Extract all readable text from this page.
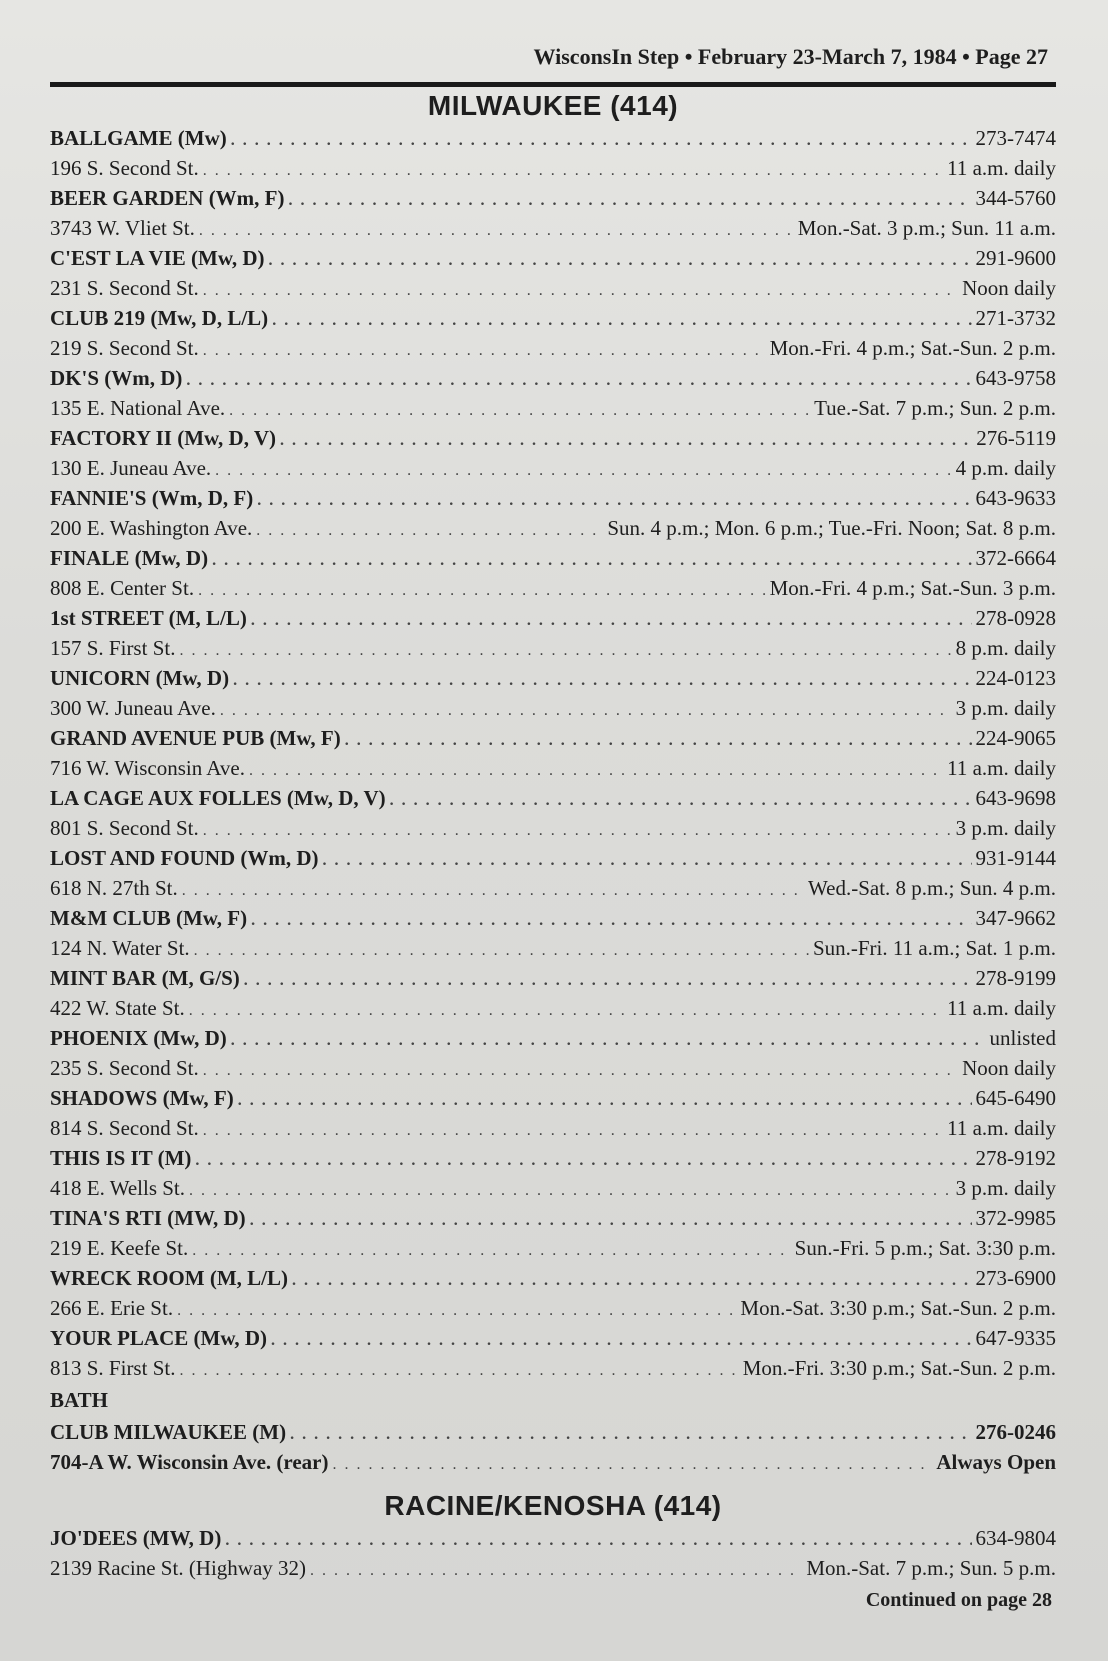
WisconsIn Step • February 23-March 7, 1984 • Page 27
MILWAUKEE (414)
BALLGAME (Mw) . . .	273-7474
196 S. Second St. . . .	11 a.m. daily
BEER GARDEN (Wm, F) . . .	344-5760
3743 W. Vliet St. . . .	Mon.-Sat. 3 p.m.; Sun. 11 a.m.
C'EST LA VIE (Mw, D) . . .	291-9600
231 S. Second St. . . .	Noon daily
CLUB 219 (Mw, D, L/L) . . .	271-3732
219 S. Second St. . . .	Mon.-Fri. 4 p.m.; Sat.-Sun. 2 p.m.
DK'S (Wm, D) . . .	643-9758
135 E. National Ave. . . .	Tue.-Sat. 7 p.m.; Sun. 2 p.m.
FACTORY II (Mw, D, V) . . .	276-5119
130 E. Juneau Ave. . . .	4 p.m. daily
FANNIE'S (Wm, D, F) . . .	643-9633
200 E. Washington Ave. . . .	Sun. 4 p.m.; Mon. 6 p.m.; Tue.-Fri. Noon; Sat. 8 p.m.
FINALE (Mw, D) . . .	372-6664
808 E. Center St. . . .	Mon.-Fri. 4 p.m.; Sat.-Sun. 3 p.m.
1st STREET (M, L/L) . . .	278-0928
157 S. First St. . . .	8 p.m. daily
UNICORN (Mw, D) . . .	224-0123
300 W. Juneau Ave. . . .	3 p.m. daily
GRAND AVENUE PUB (Mw, F) . . .	224-9065
716 W. Wisconsin Ave. . . .	11 a.m. daily
LA CAGE AUX FOLLES (Mw, D, V) . . .	643-9698
801 S. Second St. . . .	3 p.m. daily
LOST AND FOUND (Wm, D) . . .	931-9144
618 N. 27th St. . . .	Wed.-Sat. 8 p.m.; Sun. 4 p.m.
M&M CLUB (Mw, F) . . .	347-9662
124 N. Water St. . . .	Sun.-Fri. 11 a.m.; Sat. 1 p.m.
MINT BAR (M, G/S) . . .	278-9199
422 W. State St. . . .	11 a.m. daily
PHOENIX (Mw, D) . . .	unlisted
235 S. Second St. . . .	Noon daily
SHADOWS (Mw, F) . . .	645-6490
814 S. Second St. . . .	11 a.m. daily
THIS IS IT (M) . . .	278-9192
418 E. Wells St. . . .	3 p.m. daily
TINA'S RTI (MW, D) . . .	372-9985
219 E. Keefe St. . . .	Sun.-Fri. 5 p.m.; Sat. 3:30 p.m.
WRECK ROOM (M, L/L) . . .	273-6900
266 E. Erie St. . . .	Mon.-Sat. 3:30 p.m.; Sat.-Sun. 2 p.m.
YOUR PLACE (Mw, D) . . .	647-9335
813 S. First St. . . .	Mon.-Fri. 3:30 p.m.; Sat.-Sun. 2 p.m.
BATH
CLUB MILWAUKEE (M) . . .	276-0246
704-A W. Wisconsin Ave. (rear) . . .	Always Open
RACINE/KENOSHA (414)
JO'DEES (MW, D) . . .	634-9804
2139 Racine St. (Highway 32) . . .	Mon.-Sat. 7 p.m.; Sun. 5 p.m.
Continued on page 28
